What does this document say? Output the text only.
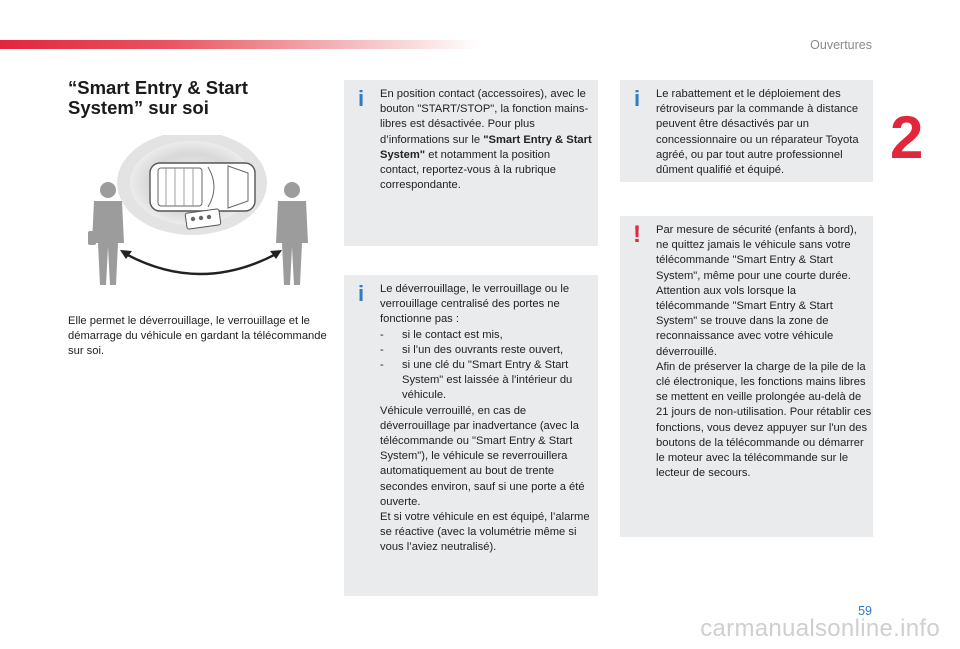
Ouvertures
2
“Smart Entry & Start System” sur soi
Elle permet le déverrouillage, le verrouillage et le démarrage du véhicule en gardant la télécommande sur soi.
i	En position contact (accessoires), avec le bouton "START/STOP", la fonction mains-libres est désactivée. Pour plus d’informations sur le "Smart Entry & Start System" et notamment la position contact, reportez-vous à la rubrique correspondante.
i	Le déverrouillage, le verrouillage ou le verrouillage centralisé des portes ne fonctionne pas :
-	si le contact est mis,
-	si l’un des ouvrants reste ouvert,
-	si une clé du "Smart Entry & Start System" est laissée à l'intérieur du véhicule.
Véhicule verrouillé, en cas de déverrouillage par inadvertance (avec la télécommande ou "Smart Entry & Start System"), le véhicule se reverrouillera automatiquement au bout de trente secondes environ, sauf si une porte a été ouverte.
Et si votre véhicule en est équipé, l’alarme se réactive (avec la volumétrie même si vous l’aviez neutralisé).
i	Le rabattement et le déploiement des rétroviseurs par la commande à distance peuvent être désactivés par un concessionnaire ou un réparateur Toyota agréé, ou par tout autre professionnel dûment qualifié et équipé.
! Par mesure de sécurité (enfants à bord), ne quittez jamais le véhicule sans votre télécommande "Smart Entry & Start System", même pour une courte durée.
Attention aux vols lorsque la télécommande "Smart Entry & Start System" se trouve dans la zone de reconnaissance avec votre véhicule déverrouillé.
Afin de préserver la charge de la pile de la clé électronique, les fonctions mains libres se mettent en veille prolongée au-delà de 21 jours de non-utilisation. Pour rétablir ces fonctions, vous devez appuyer sur l'un des boutons de la télécommande ou démarrer le moteur avec la télécommande sur le lecteur de secours.
59
carmanualsonline.info
